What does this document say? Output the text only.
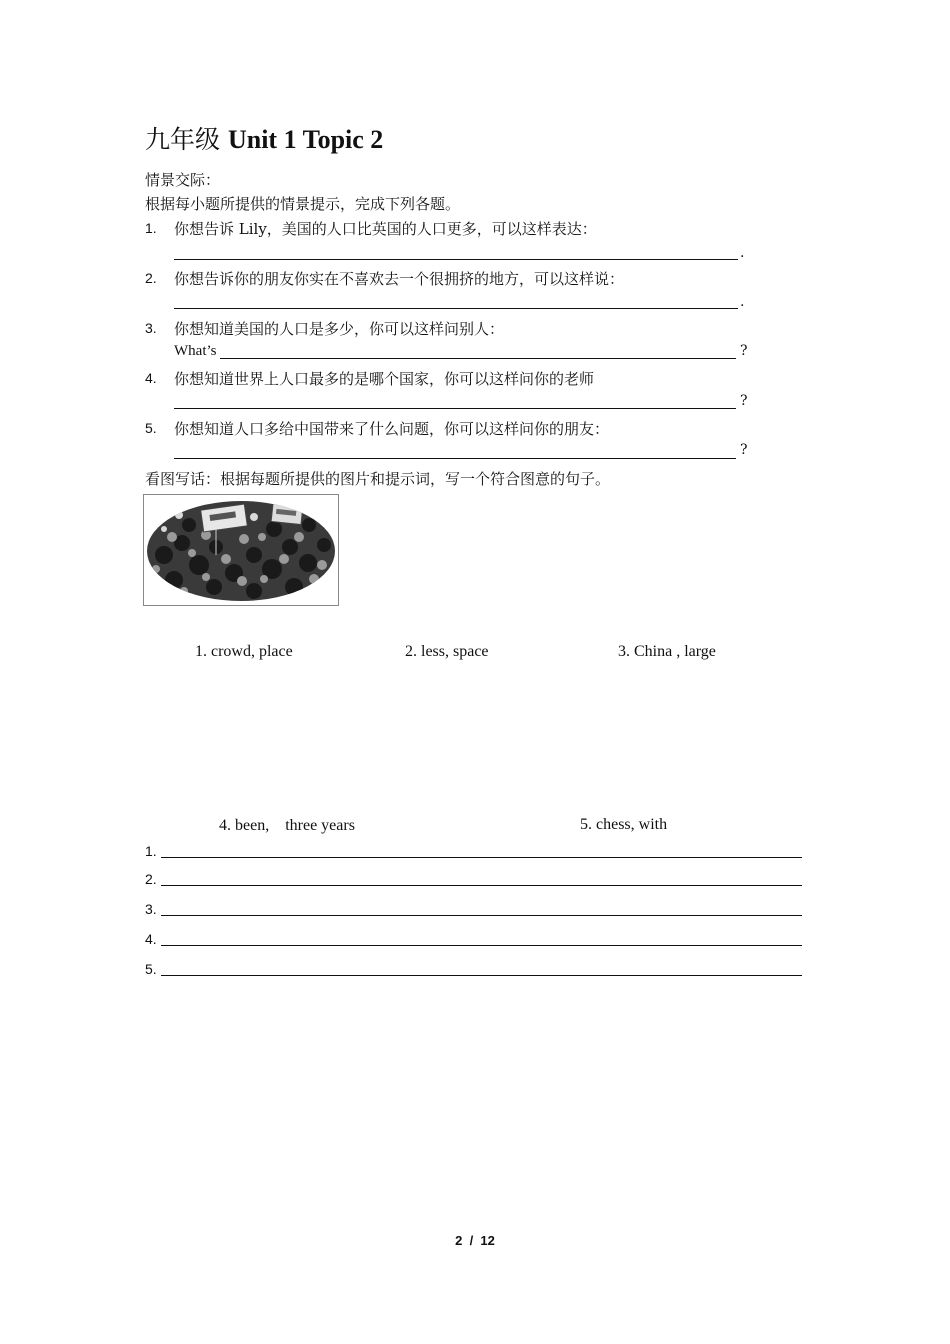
九年级 Unit 1 Topic 2
情景交际：
根据每小题所提供的情景提示，完成下列各题。
1. 你想告诉 Lily，美国的人口比英国的人口更多，可以这样表达：
.
2. 你想告诉你的朋友你实在不喜欢去一个很拥挤的地方，可以这样说：
.
3. 你想知道美国的人口是多少，你可以这样问别人：
What’s	?
4. 你想知道世界上人口最多的是哪个国家，你可以这样问你的老师
?
5. 你想知道人口多给中国带来了什么问题，你可以这样问你的朋友：
?
看图写话：根据每题所提供的图片和提示词，写一个符合图意的句子。
1. crowd, place	2. less, space	3. China , large
4. been,    three years	5. chess, with
1.
2.
3.
4.
5.
2  /  12
